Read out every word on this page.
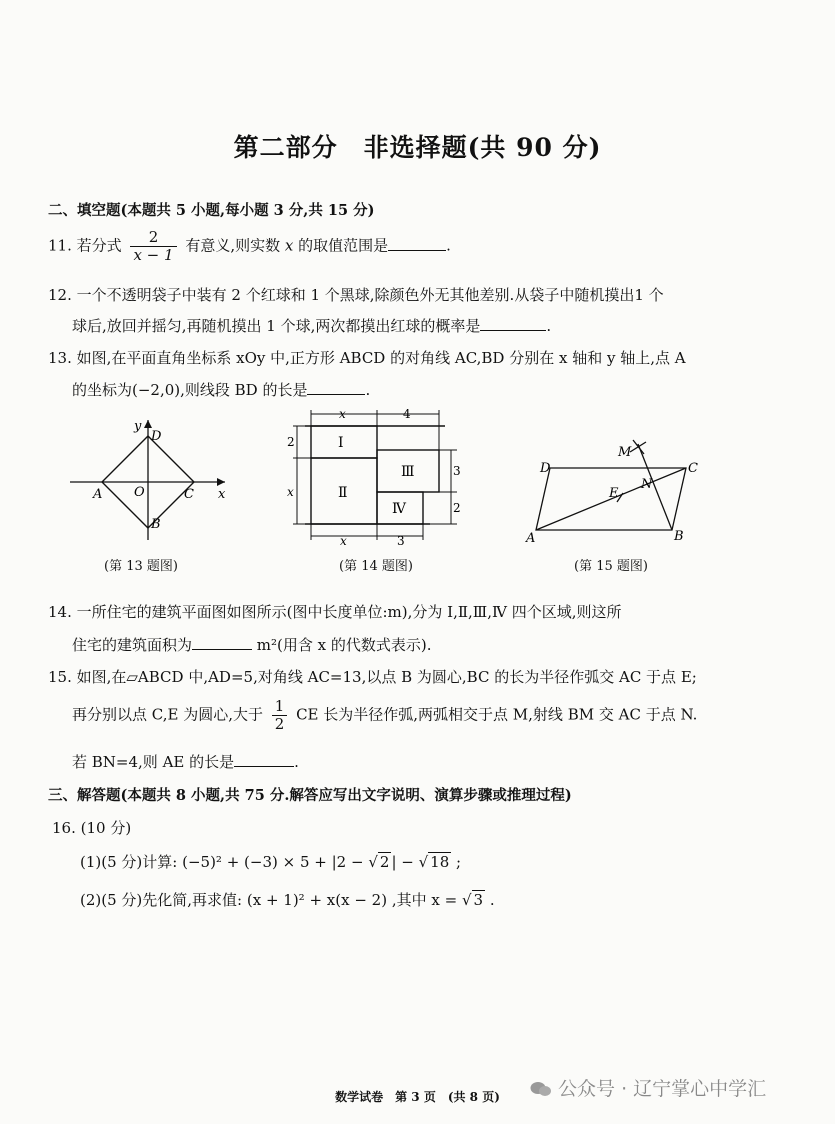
第二部分　非选择题(共 90 分)
二、填空题(本题共 5 小题,每小题 3 分,共 15 分)
11. 若分式 $\frac{2}{x - 1}$ 有意义,则实数 x 的取值范围是	.
12. 一个不透明袋子中装有 2 个红球和 1 个黑球,除颜色外无其他差别.从袋子中随机摸出1 个
球后,放回并摇匀,再随机摸出 1 个球,两次都摸出红球的概率是	.
13. 如图,在平面直角坐标系 xOy 中,正方形 ABCD 的对角线 AC,BD 分别在 x 轴和 y 轴上,点 A
的坐标为(−2,0),则线段 BD 的长是	.
y
D
A O	C x
B
(第 13 题图)
x	4
2	Ⅰ
Ⅲ	3
x	Ⅱ
Ⅳ	2
x	3
(第 14 题图)
M
D	C
N
E
A	B
(第 15 题图)
14. 一所住宅的建筑平面图如图所示(图中长度单位:m),分为 Ⅰ,Ⅱ,Ⅲ,Ⅳ 四个区域,则这所
住宅的建筑面积为	m²(用含 x 的代数式表示).
15. 如图,在▱ABCD 中,AD=5,对角线 AC=13,以点 B 为圆心,BC 的长为半径作弧交 AC 于点 E;
再分别以点 C,E 为圆心,大于 $\frac{1}{2}$ CE 长为半径作弧,两弧相交于点 M,射线 BM 交 AC 于点 N.
若 BN=4,则 AE 的长是	.
三、解答题(本题共 8 小题,共 75 分.解答应写出文字说明、演算步骤或推理过程)
16. (10 分)
(1)(5 分)计算: (−5)² + (−3) × 5 + |2 − √ 2 | − √ 18 ;
(2)(5 分)先化简,再求值: (x + 1)² + x(x − 2) ,其中 x = √ 3 .
数学试卷　第 3 页　(共 8 页)	公众号 · 辽宁掌心中学汇
